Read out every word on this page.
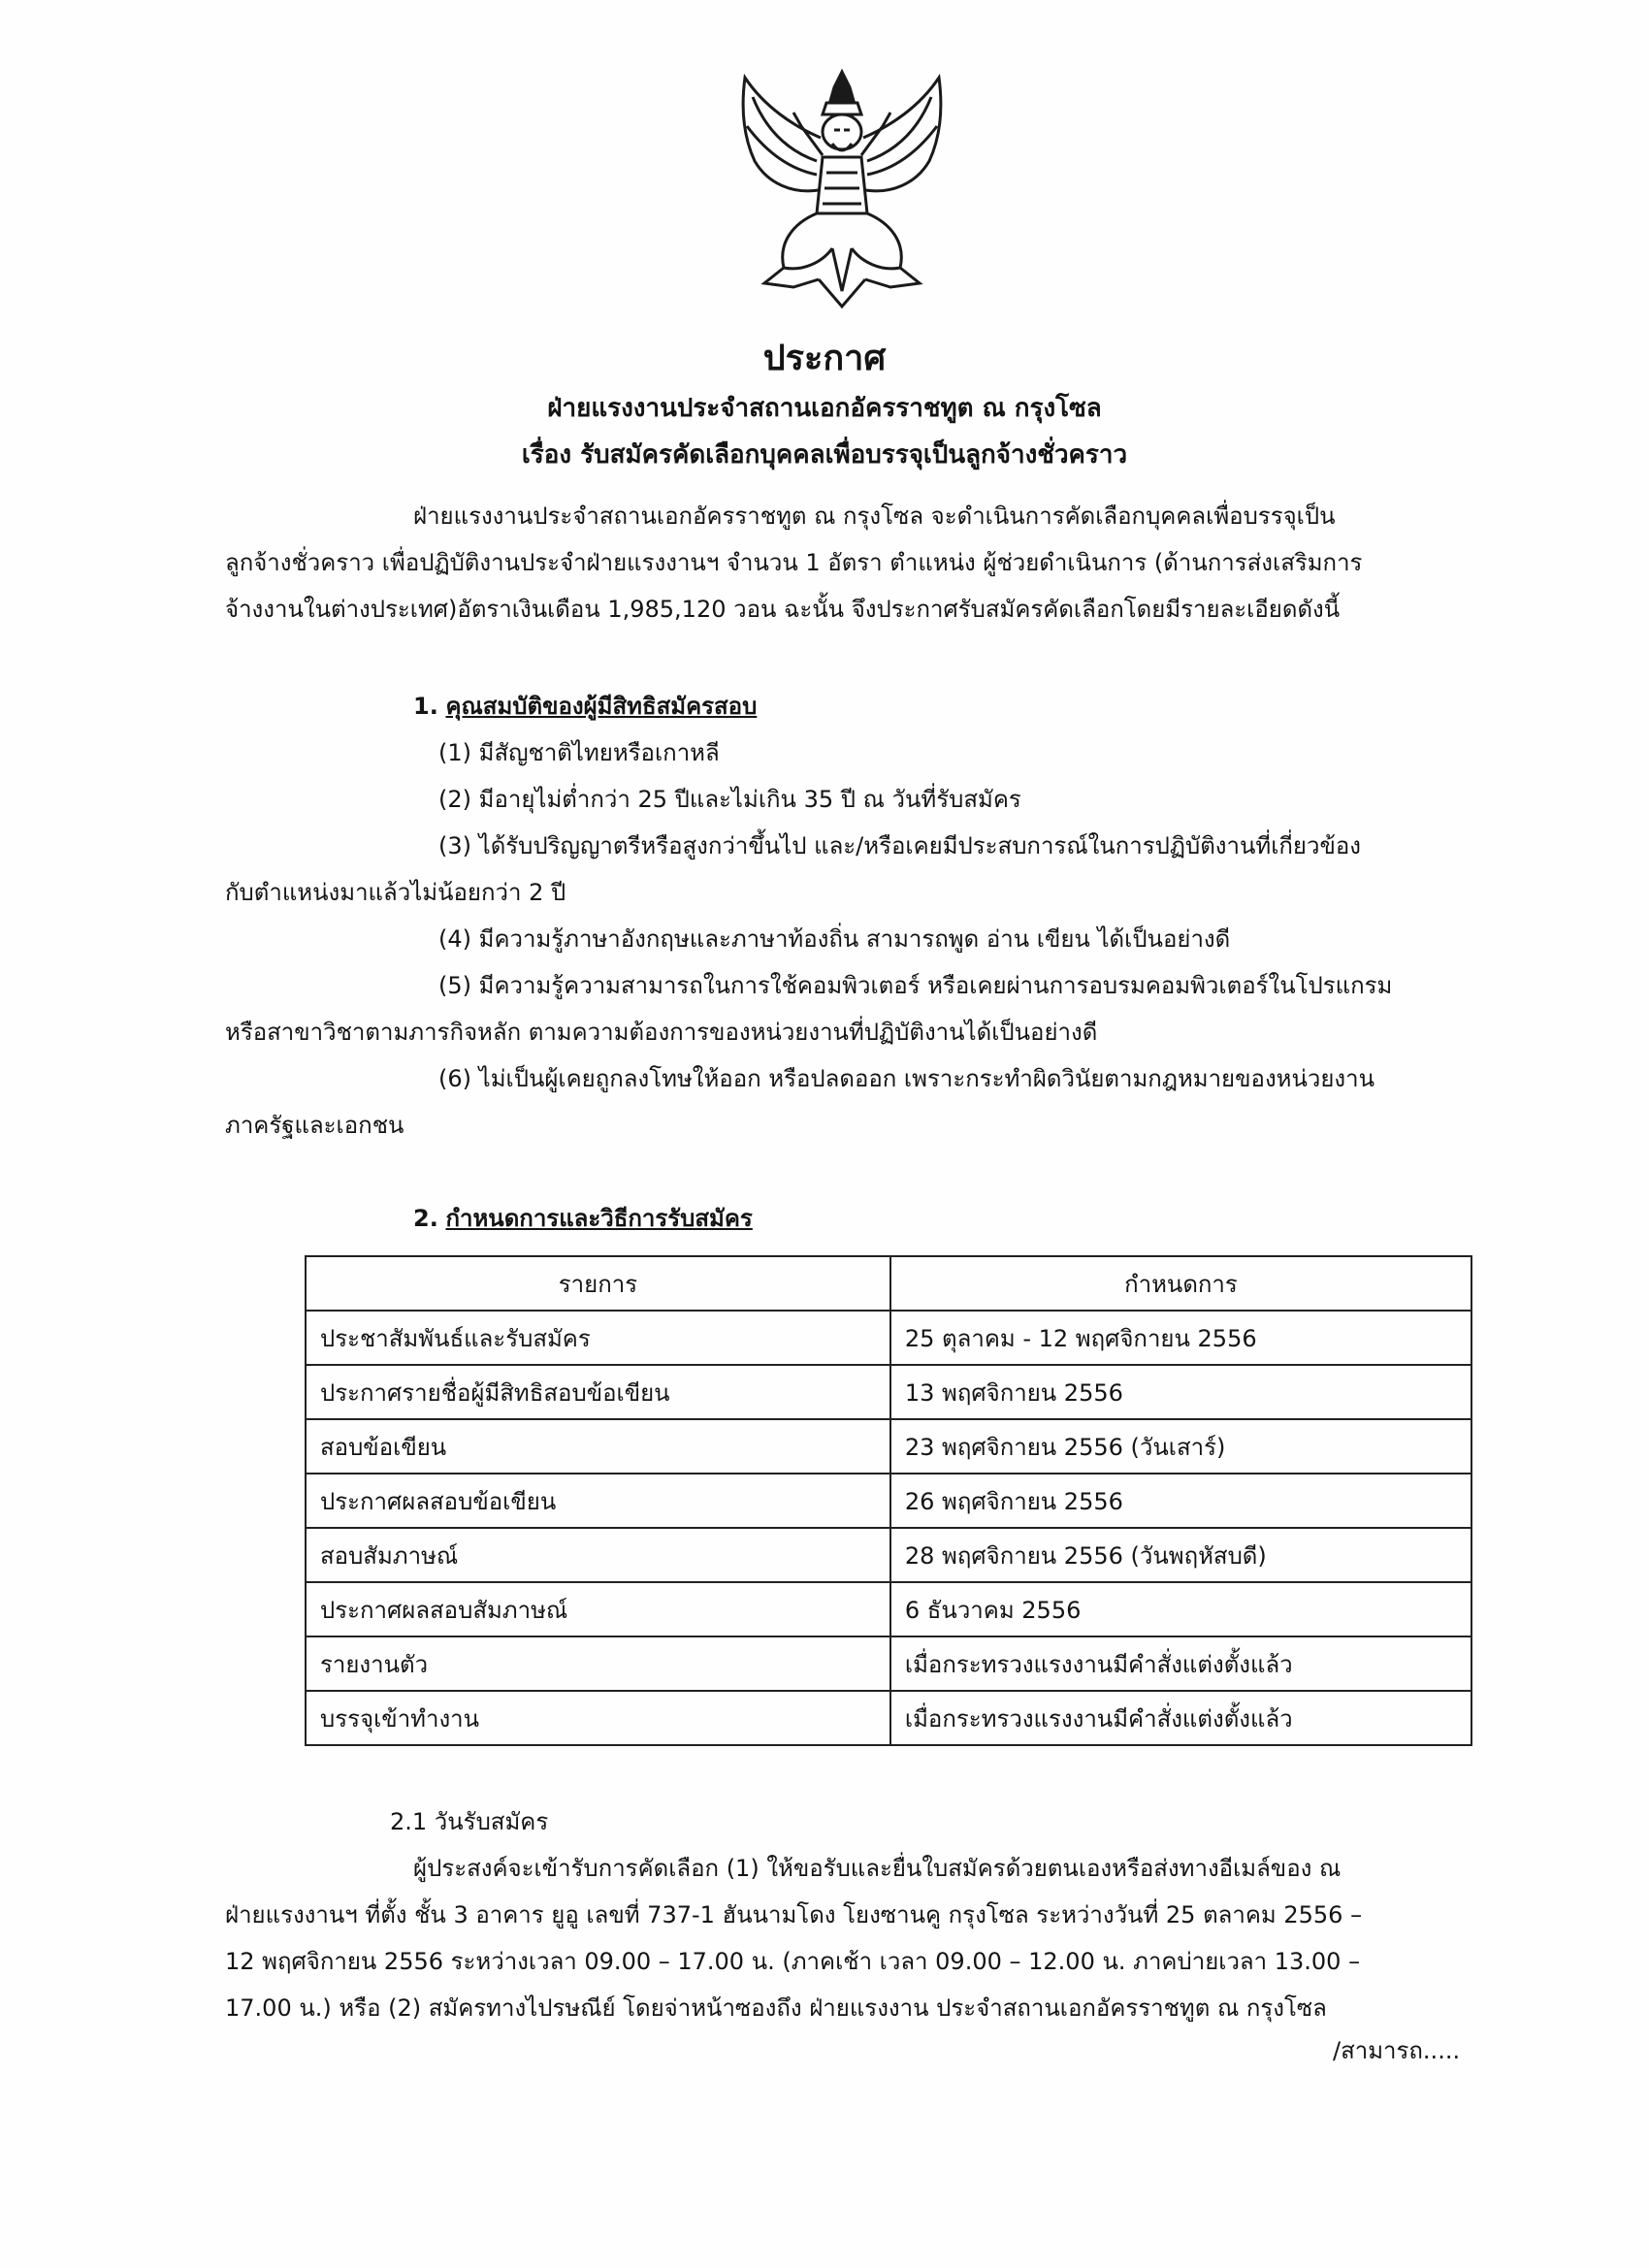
ประกาศ
ฝ่ายแรงงานประจำสถานเอกอัครราชทูต ณ กรุงโซล
เรื่อง รับสมัครคัดเลือกบุคคลเพื่อบรรจุเป็นลูกจ้างชั่วคราว
ฝ่ายแรงงานประจำสถานเอกอัครราชทูต ณ กรุงโซล จะดำเนินการคัดเลือกบุคคลเพื่อบรรจุเป็น
ลูกจ้างชั่วคราว เพื่อปฏิบัติงานประจำฝ่ายแรงงานฯ จำนวน 1 อัตรา ตำแหน่ง ผู้ช่วยดำเนินการ (ด้านการส่งเสริมการ
จ้างงานในต่างประเทศ)อัตราเงินเดือน 1,985,120 วอน ฉะนั้น จึงประกาศรับสมัครคัดเลือกโดยมีรายละเอียดดังนี้
1. คุณสมบัติของผู้มีสิทธิสมัครสอบ
(1) มีสัญชาติไทยหรือเกาหลี
(2) มีอายุไม่ต่ำกว่า 25 ปีและไม่เกิน 35 ปี ณ วันที่รับสมัคร
(3) ได้รับปริญญาตรีหรือสูงกว่าขึ้นไป และ/หรือเคยมีประสบการณ์ในการปฏิบัติงานที่เกี่ยวข้อง
กับตำแหน่งมาแล้วไม่น้อยกว่า 2 ปี
(4) มีความรู้ภาษาอังกฤษและภาษาท้องถิ่น สามารถพูด อ่าน เขียน ได้เป็นอย่างดี
(5) มีความรู้ความสามารถในการใช้คอมพิวเตอร์ หรือเคยผ่านการอบรมคอมพิวเตอร์ในโปรแกรม
หรือสาขาวิชาตามภารกิจหลัก ตามความต้องการของหน่วยงานที่ปฏิบัติงานได้เป็นอย่างดี
(6) ไม่เป็นผู้เคยถูกลงโทษให้ออก หรือปลดออก เพราะกระทำผิดวินัยตามกฎหมายของหน่วยงาน
ภาครัฐและเอกชน
2. กำหนดการและวิธีการรับสมัคร
รายการ	กำหนดการ
ประชาสัมพันธ์และรับสมัคร	25 ตุลาคม - 12 พฤศจิกายน 2556
ประกาศรายชื่อผู้มีสิทธิสอบข้อเขียน	13 พฤศจิกายน 2556
สอบข้อเขียน	23 พฤศจิกายน 2556 (วันเสาร์)
ประกาศผลสอบข้อเขียน	26 พฤศจิกายน 2556
สอบสัมภาษณ์	28 พฤศจิกายน 2556 (วันพฤหัสบดี)
ประกาศผลสอบสัมภาษณ์	6 ธันวาคม 2556
รายงานตัว	เมื่อกระทรวงแรงงานมีคำสั่งแต่งตั้งแล้ว
บรรจุเข้าทำงาน	เมื่อกระทรวงแรงงานมีคำสั่งแต่งตั้งแล้ว
2.1 วันรับสมัคร
ผู้ประสงค์จะเข้ารับการคัดเลือก (1) ให้ขอรับและยื่นใบสมัครด้วยตนเองหรือส่งทางอีเมล์ของ ณ
ฝ่ายแรงงานฯ ที่ตั้ง ชั้น 3 อาคาร ยูอู เลขที่ 737-1 ฮันนามโดง โยงซานคู กรุงโซล ระหว่างวันที่ 25 ตลาคม 2556 –
12 พฤศจิกายน 2556 ระหว่างเวลา 09.00 – 17.00 น. (ภาคเช้า เวลา 09.00 – 12.00 น. ภาคบ่ายเวลา 13.00 –
17.00 น.) หรือ (2) สมัครทางไปรษณีย์ โดยจ่าหน้าซองถึง ฝ่ายแรงงาน ประจำสถานเอกอัครราชทูต ณ กรุงโซล
/สามารถ.....
